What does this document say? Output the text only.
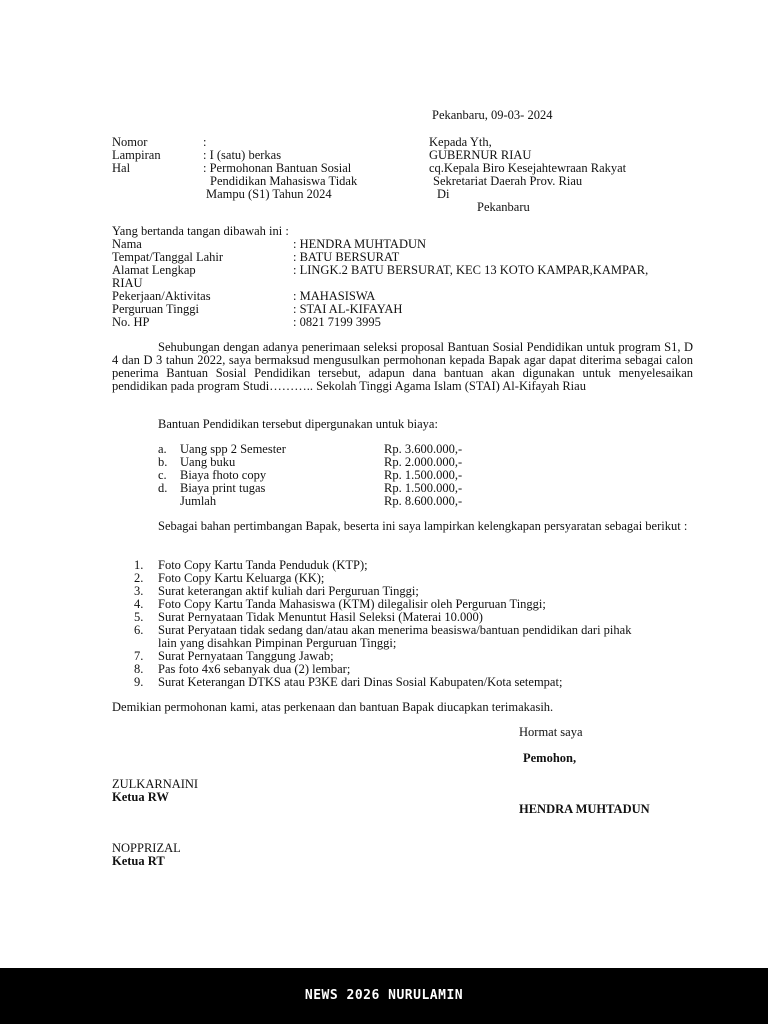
Pekanbaru, 09-03- 2024
Nomor	:
Lampiran	: I (satu) berkas
Hal	: Permohonan Bantuan Sosial
Pendidikan Mahasiswa Tidak
Mampu (S1) Tahun 2024
Kepada Yth,
GUBERNUR RIAU
cq.Kepala Biro Kesejahtewraan Rakyat
Sekretariat Daerah Prov. Riau
Di
Pekanbaru
Yang bertanda tangan dibawah ini :
Nama	: HENDRA MUHTADUN
Tempat/Tanggal Lahir	: BATU BERSURAT
Alamat Lengkap	: LINGK.2 BATU BERSURAT, KEC 13 KOTO KAMPAR,KAMPAR,
RIAU
Pekerjaan/Aktivitas	: MAHASISWA
Perguruan Tinggi	: STAI AL-KIFAYAH
No. HP	: 0821 7199 3995

Sehubungan dengan adanya penerimaan seleksi proposal Bantuan Sosial Pendidikan untuk program S1, D 4 dan D 3 tahun 2022, saya bermaksud mengusulkan permohonan kepada Bapak agar dapat diterima sebagai calon penerima Bantuan Sosial Pendidikan tersebut, adapun dana bantuan akan digunakan untuk menyelesaikan pendidikan pada program Studi……….. Sekolah Tinggi Agama Islam (STAI) Al-Kifayah Riau

Bantuan Pendidikan tersebut dipergunakan untuk biaya:
a. Uang spp 2 Semester	Rp. 3.600.000,-
b. Uang buku	Rp. 2.000.000,-
c. Biaya fhoto copy	Rp. 1.500.000,-
d. Biaya print tugas	Rp. 1.500.000,-
Jumlah	Rp. 8.600.000,-

Sebagai bahan pertimbangan Bapak, beserta ini saya lampirkan kelengkapan persyaratan sebagai berikut :

1. Foto Copy Kartu Tanda Penduduk (KTP);
2. Foto Copy Kartu Keluarga (KK);
3. Surat keterangan aktif kuliah dari Perguruan Tinggi;
4. Foto Copy Kartu Tanda Mahasiswa (KTM) dilegalisir oleh Perguruan Tinggi;
5. Surat Pernyataan Tidak Menuntut Hasil Seleksi (Materai 10.000)
6. Surat Peryataan tidak sedang dan/atau akan menerima beasiswa/bantuan pendidikan dari pihak
lain yang disahkan Pimpinan Perguruan Tinggi;
7. Surat Pernyataan Tanggung Jawab;
8. Pas foto 4x6 sebanyak dua (2) lembar;
9. Surat Keterangan DTKS atau P3KE dari Dinas Sosial Kabupaten/Kota setempat;
Demikian permohonan kami, atas perkenaan dan bantuan Bapak diucapkan terimakasih.
Hormat saya
Pemohon,
HENDRA MUHTADUN
ZULKARNAINI
Ketua RW
NOPPRIZAL
Ketua RT
NEWS 2026 NURULAMIN
